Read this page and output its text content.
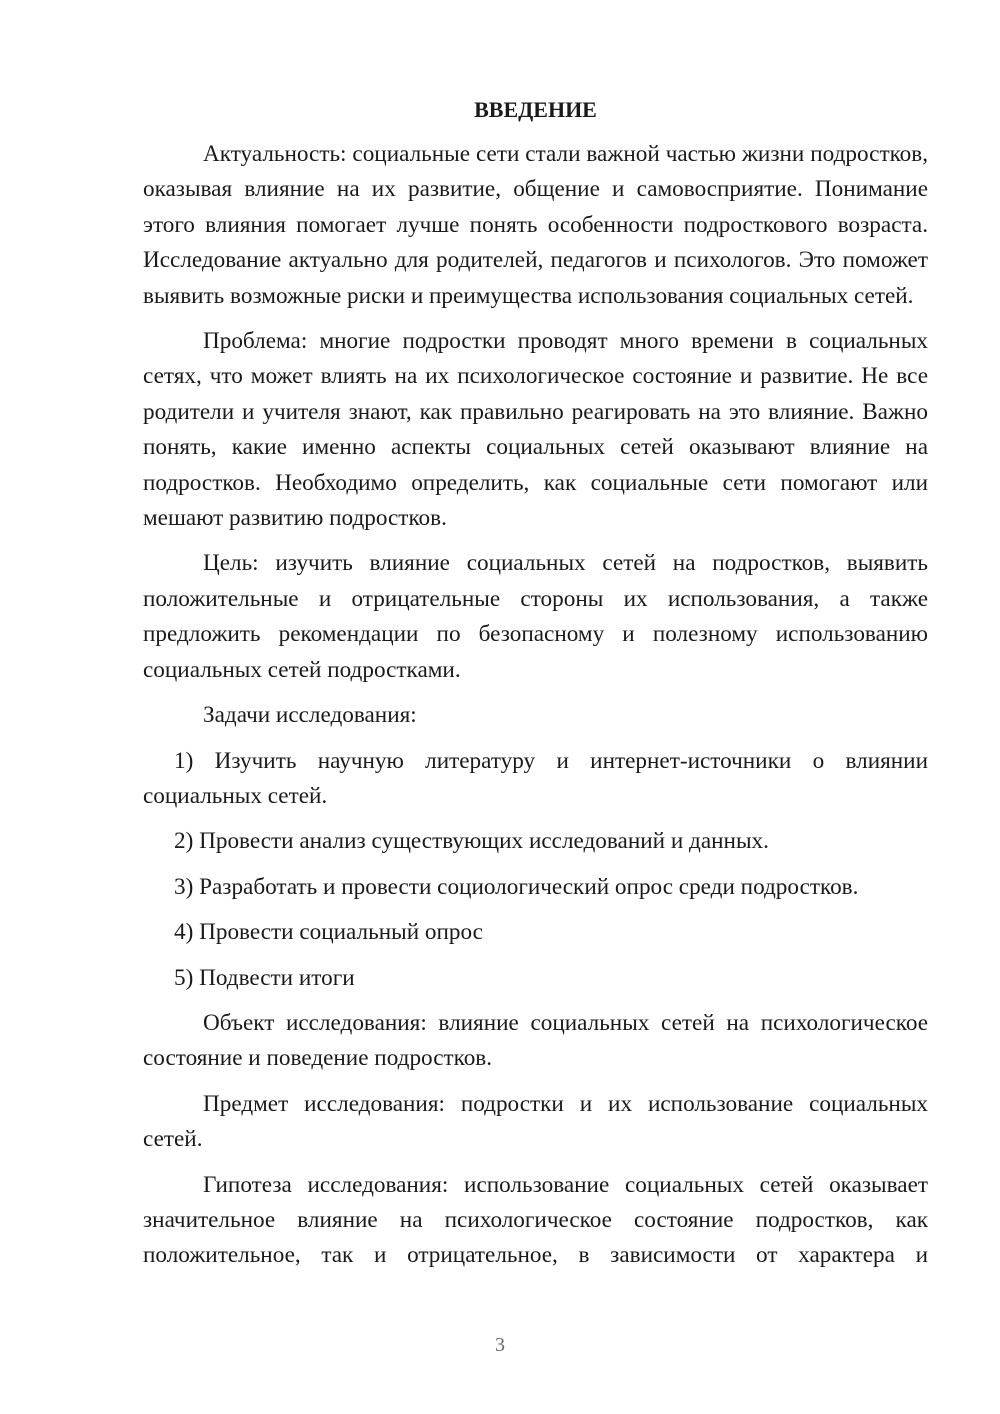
ВВЕДЕНИЕ

Актуальность: социальные сети стали важной частью жизни подростков, оказывая влияние на их развитие, общение и самовосприятие. Понимание этого влияния помогает лучше понять особенности подросткового возраста. Исследование актуально для родителей, педагогов и психологов. Это поможет выявить возможные риски и преимущества использования социальных сетей.

Проблема: многие подростки проводят много времени в социальных сетях, что может влиять на их психологическое состояние и развитие. Не все родители и учителя знают, как правильно реагировать на это влияние. Важно понять, какие именно аспекты социальных сетей оказывают влияние на подростков. Необходимо определить, как социальные сети помогают или мешают развитию подростков.

Цель: изучить влияние социальных сетей на подростков, выявить положительные и отрицательные стороны их использования, а также предложить рекомендации по безопасному и полезному использованию социальных сетей подростками.

Задачи исследования:

1) Изучить научную литературу и интернет-источники о влиянии социальных сетей.

2) Провести анализ существующих исследований и данных.

3) Разработать и провести социологический опрос среди подростков.

4) Провести социальный опрос

5) Подвести итоги

Объект исследования: влияние социальных сетей на психологическое состояние и поведение подростков.

Предмет исследования: подростки и их использование социальных сетей.

Гипотеза исследования: использование социальных сетей оказывает значительное влияние на психологическое состояние подростков, как положительное, так и отрицательное, в зависимости от характера и

3
